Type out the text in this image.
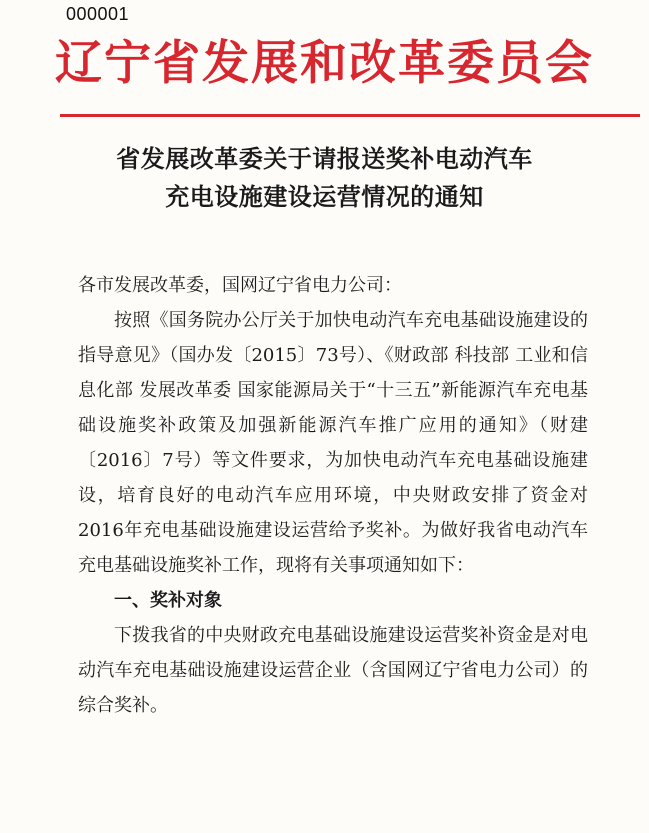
000001
辽宁省发展和改革委员会
省发展改革委关于请报送奖补电动汽车
充电设施建设运营情况的通知

各市发展改革委，国网辽宁省电力公司：

按照《国务院办公厅关于加快电动汽车充电基础设施建设的指导意见》（国办发〔2015〕73号）、《财政部 科技部 工业和信息化部 发展改革委 国家能源局关于“十三五”新能源汽车充电基础设施奖补政策及加强新能源汽车推广应用的通知》（财建〔2016〕7号）等文件要求，为加快电动汽车充电基础设施建设，培育良好的电动汽车应用环境，中央财政安排了资金对2016年充电基础设施建设运营给予奖补。为做好我省电动汽车充电基础设施奖补工作，现将有关事项通知如下：

一、奖补对象

下拨我省的中央财政充电基础设施建设运营奖补资金是对电动汽车充电基础设施建设运营企业（含国网辽宁省电力公司）的综合奖补。
